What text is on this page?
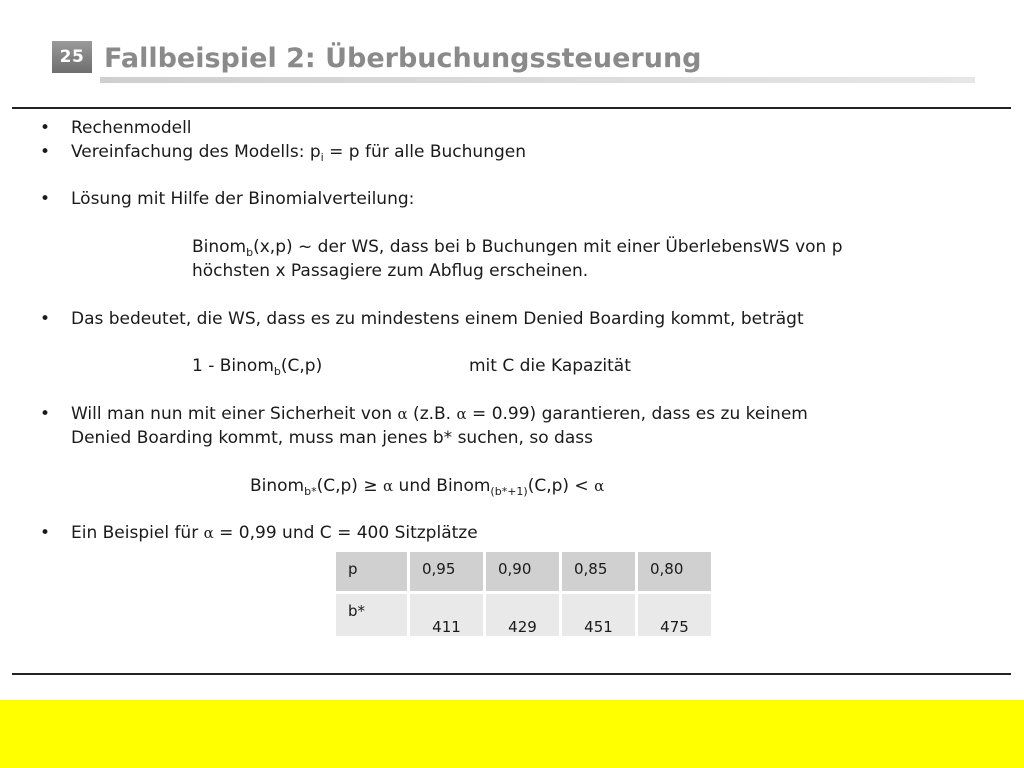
25 Fallbeispiel 2: Überbuchungssteuerung
• Rechenmodell
• Vereinfachung des Modells: $p_i = p$ für alle Buchungen
• Lösung mit Hilfe der Binomialverteilung:
Binom$_b$(x,p) ~ der WS, dass bei b Buchungen mit einer ÜberlebensWS von p
höchsten x Passagiere zum Abflug erscheinen.
• Das bedeutet, die WS, dass es zu mindestens einem Denied Boarding kommt, beträgt
1 - Binom$_b$(C,p)	mit C die Kapazität
• Will man nun mit einer Sicherheit von α (z.B. α = 0.99) garantieren, dass es zu keinem
Denied Boarding kommt, muss man jenes b* suchen, so dass
Binom$_{b*}$(C,p) ≥ α und Binom$_{(b*+1)}$(C,p) < α
• Ein Beispiel für α = 0,99 und C = 400 Sitzplätze
p	0,95	0,90	0,85	0,80

b*	411	429	451	475
